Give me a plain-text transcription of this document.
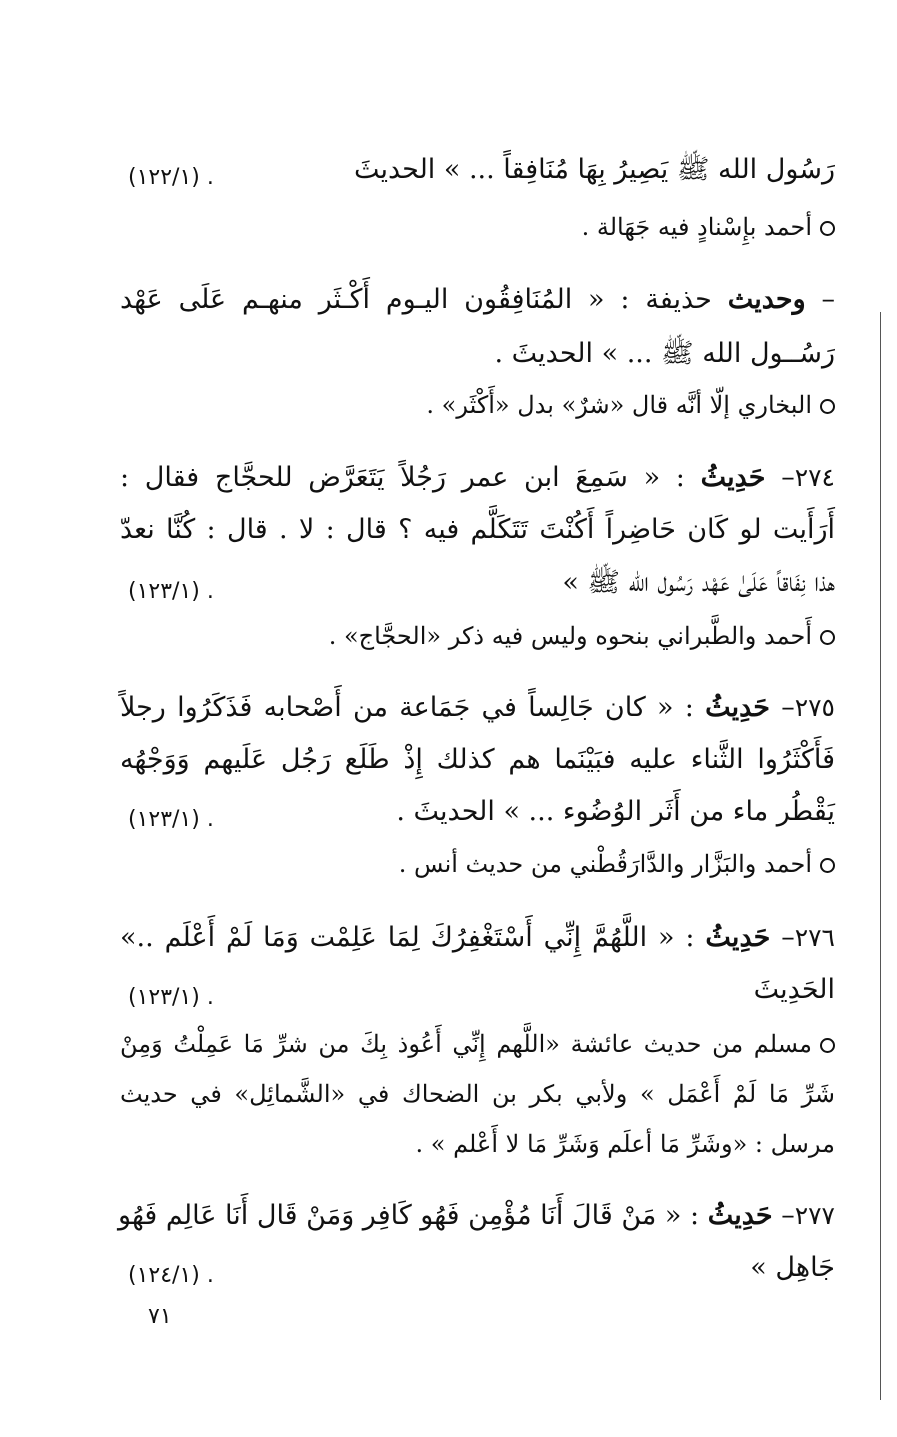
رَسُول الله ﷺ يَصِيرُ بِهَا مُنَافِقاً ... » الحديثَ
(١٢٢/١) .
أحمد بإِسْنادٍ فيه جَهَالة .
– وحديث حذيفة : « المُنَافِقُون اليـوم أَكْـثَر منهـم عَلَى عَهْد
رَسُــول الله ﷺ ... » الحديثَ .
البخاري إلّا أنَّه قال «شرٌ» بدل «أَكْثَر» .
٢٧٤– حَدِيثُ : « سَمِعَ ابن عمر رَجُلاً يَتَعَرَّض للحجَّاج فقال :
أَرَأَيت لو كَان حَاضِراً أَكُنْتَ تَتَكَلَّم فيه ؟ قال : لا . قال : كُنَّا نعدّ
هذا نِفَاقاً عَلَىٰ عَهْد رَسُول الله ﷺ »
(١٢٣/١) .
أَحمد والطَّبراني بنحوه وليس فيه ذكر «الحجَّاج» .
٢٧٥– حَدِيثُ : « كان جَالِساً في جَمَاعة من أَصْحابه فَذَكَرُوا رجلاً
فَأَكْثَرُوا الثَّناء عليه فبَيْنَما هم كذلك إِذْ طَلَع رَجُل عَلَيهم وَوَجْهُه
يَقْطُر ماء من أَثَر الوُضُوء ... » الحديثَ .
(١٢٣/١) .
أحمد والبَزَّار والدَّارَقُطْني من حديث أنس .
٢٧٦– حَدِيثُ : « اللَّهُمَّ إِنِّي أَسْتَغْفِرُكَ لِمَا عَلِمْت وَمَا لَمْ أَعْلَم ..»
الحَدِيثَ
(١٢٣/١) .
مسلم من حديث عائشة «اللَّهم إِنِّي أَعُوذ بِكَ من شرِّ مَا عَمِلْتُ وَمِنْ
شَرِّ مَا لَمْ أَعْمَل » ولأبي بكر بن الضحاك في «الشَّمائِل» في حديث
مرسل : «وشَرِّ مَا أعلَم وَشَرِّ مَا لا أَعْلم » .
٢٧٧– حَدِيثُ : « مَنْ قَالَ أَنَا مُؤْمِن فَهُو كَافِر وَمَنْ قَال أَنَا عَالِم فَهُو
جَاهِل »
(١٢٤/١) .
٧١
